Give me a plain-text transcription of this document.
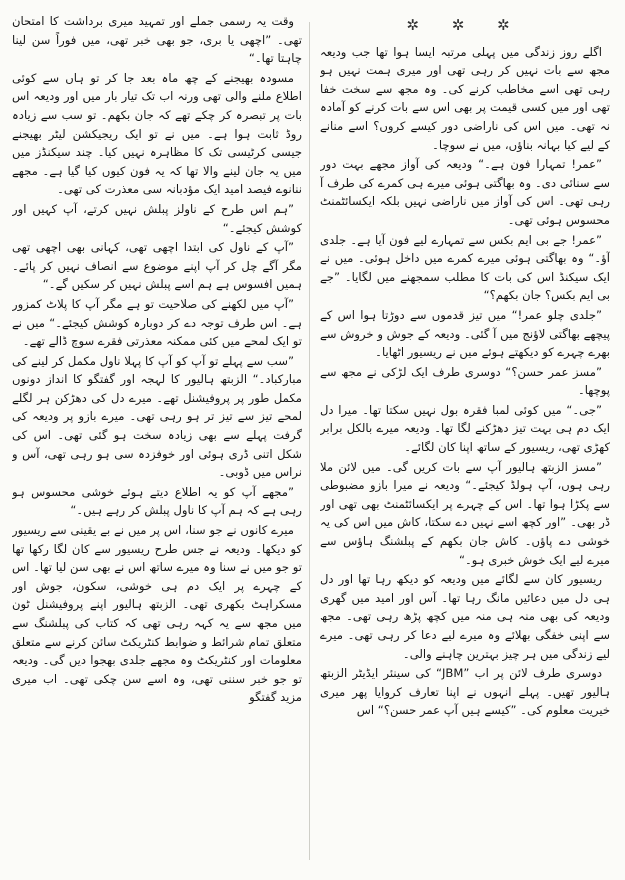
✲ ✲ ✲

اگلے روز زندگی میں پہلی مرتبہ ایسا ہوا تھا جب ودیعہ مجھ سے بات نہیں کر رہی تھی اور میری ہمت نہیں ہو رہی تھی اسے مخاطب کرنے کی۔ وہ مجھ سے سخت خفا تھی اور میں کسی قیمت پر بھی اس سے بات کرنے کو آمادہ نہ تھی۔ میں اس کی ناراضی دور کیسے کروں؟ اسے منانے کے لیے کیا بہانہ بناؤں، میں نے سوچا۔

”عمر! تمہارا فون ہے۔“ ودیعہ کی آواز مجھے بہت دور سے سنائی دی۔ وہ بھاگتی ہوئی میرے ہی کمرے کی طرف آ رہی تھی۔ اس کی آواز میں ناراضی نہیں بلکہ ایکسائٹمنٹ محسوس ہوئی تھی۔

”عمر! جے بی ایم بکس سے تمہارے لیے فون آیا ہے۔ جلدی آؤ۔“ وہ بھاگتی ہوئی میرے کمرے میں داخل ہوئی۔ میں نے ایک سیکنڈ اس کی بات کا مطلب سمجھنے میں لگایا۔ ”جے بی ایم بکس؟ جان بکھم؟“

”جلدی چلو عمر!“ میں تیز قدموں سے دوڑتا ہوا اس کے پیچھے بھاگتی لاؤنج میں آ گئی۔ ودیعہ کے جوش و خروش سے بھرے چہرے کو دیکھتے ہوئے میں نے ریسیور اٹھایا۔

”مسز عمر حسن؟“ دوسری طرف ایک لڑکی نے مجھ سے پوچھا۔

”جی۔“ میں کوئی لمبا فقرہ بول نہیں سکتا تھا۔ میرا دل ایک دم ہی بہت تیز دھڑکنے لگا تھا۔ ودیعہ میرے بالکل برابر کھڑی تھی، ریسیور کے ساتھ اپنا کان لگائے۔

”مسز الزبتھ ہالیور آپ سے بات کریں گی۔ میں لائن ملا رہی ہوں، آپ ہولڈ کیجئے۔“ ودیعہ نے میرا بازو مضبوطی سے پکڑا ہوا تھا۔ اس کے چہرے پر ایکسائٹمنٹ بھی تھی اور ڈر بھی۔ ”اور کچھ اسے نہیں دے سکتا، کاش میں اس کی یہ خوشی دے پاؤں۔ کاش جان بکھم کے پبلشنگ ہاؤس سے میرے لیے ایک خوش خبری ہو۔“

ریسیور کان سے لگائے میں ودیعہ کو دیکھ رہا تھا اور دل ہی دل میں دعائیں مانگ رہا تھا۔ آس اور امید میں گھری ودیعہ کی بھی منہ ہی منہ میں کچھ پڑھ رہی تھی۔ مجھ سے اپنی خفگی بھلائے وہ میرے لیے دعا کر رہی تھی۔ میرے لیے زندگی میں ہر چیز بہترین چاہنے والی۔

دوسری طرف لائن پر اب ”JBM“ کی سینئر ایڈیٹر الزبتھ ہالیور تھیں۔ پہلے انہوں نے اپنا تعارف کروایا پھر میری خیریت معلوم کی۔ ”کیسے ہیں آپ عمر حسن؟“ اس

وقت یہ رسمی جملے اور تمہید میری برداشت کا امتحان تھی۔ ”اچھی یا بری، جو بھی خبر تھی، میں فوراً سن لینا چاہتا تھا۔“

مسودہ بھیجنے کے چھ ماہ بعد جا کر تو ہاں سے کوئی اطلاع ملنے والی تھی ورنہ اب تک تیار بار میں اور ودیعہ اس بات پر تبصرہ کر چکے تھے کہ جان بکھم۔ تو سب سے زیادہ روڈ ثابت ہوا ہے۔ میں نے تو ایک ریجیکشن لیٹر بھیجنے جیسی کرٹیسی تک کا مظاہرہ نہیں کیا۔ چند سیکنڈز میں میں یہ جان لینے والا تھا کہ یہ فون کیوں کیا گیا ہے۔ مجھے ننانوے فیصد امید ایک مؤدبانہ سی معذرت کی تھی۔

”ہم اس طرح کے ناولز پبلش نہیں کرتے، آپ کہیں اور کوشش کیجئے۔“

”آپ کے ناول کی ابتدا اچھی تھی، کہانی بھی اچھی تھی مگر آگے چل کر آپ اپنے موضوع سے انصاف نہیں کر پائے۔ ہمیں افسوس ہے ہم اسے پبلش نہیں کر سکیں گے۔“

”آپ میں لکھنے کی صلاحیت تو ہے مگر آپ کا پلاٹ کمزور ہے۔ اس طرف توجہ دے کر دوبارہ کوشش کیجئے۔“ میں نے تو ایک لمحے میں کئی ممکنہ معذرتی فقرے سوچ ڈالے تھے۔

”سب سے پہلے تو آپ کو آپ کا پہلا ناول مکمل کر لینے کی مبارکباد۔“ الزبتھ ہالیور کا لہجہ اور گفتگو کا انداز دونوں مکمل طور پر پروفیشنل تھے۔ میرے دل کی دھڑکن ہر لگلے لمحے تیز سے تیز تر ہو رہی تھی۔ میرے بازو پر ودیعہ کی گرفت پہلے سے بھی زیادہ سخت ہو گئی تھی۔ اس کی شکل اتنی ڈری ہوئی اور خوفزدہ سی ہو رہی تھی، آس و نراس میں ڈوبی۔

”مجھے آپ کو یہ اطلاع دیتے ہوئے خوشی محسوس ہو رہی ہے کہ ہم آپ کا ناول پبلش کر رہے ہیں۔“

میرے کانوں نے جو سنا، اس پر میں نے بے یقینی سے ریسیور کو دیکھا۔ ودیعہ نے جس طرح ریسیور سے کان لگا رکھا تھا تو جو میں نے سنا وہ میرے ساتھ اس نے بھی سن لیا تھا۔ اس کے چہرے پر ایک دم ہی خوشی، سکون، جوش اور مسکراہٹ بکھری تھی۔ الزبتھ ہالیور اپنے پروفیشنل ٹون میں مجھ سے یہ کہہ رہی تھی کہ کتاب کی پبلشنگ سے متعلق تمام شرائط و ضوابط کنٹریکٹ سائن کرنے سے متعلق معلومات اور کنٹریکٹ وہ مجھے جلدی بھجوا دیں گی۔ ودیعہ تو جو خبر سننی تھی، وہ اسے سن چکی تھی۔ اب میری مزید گفتگو
